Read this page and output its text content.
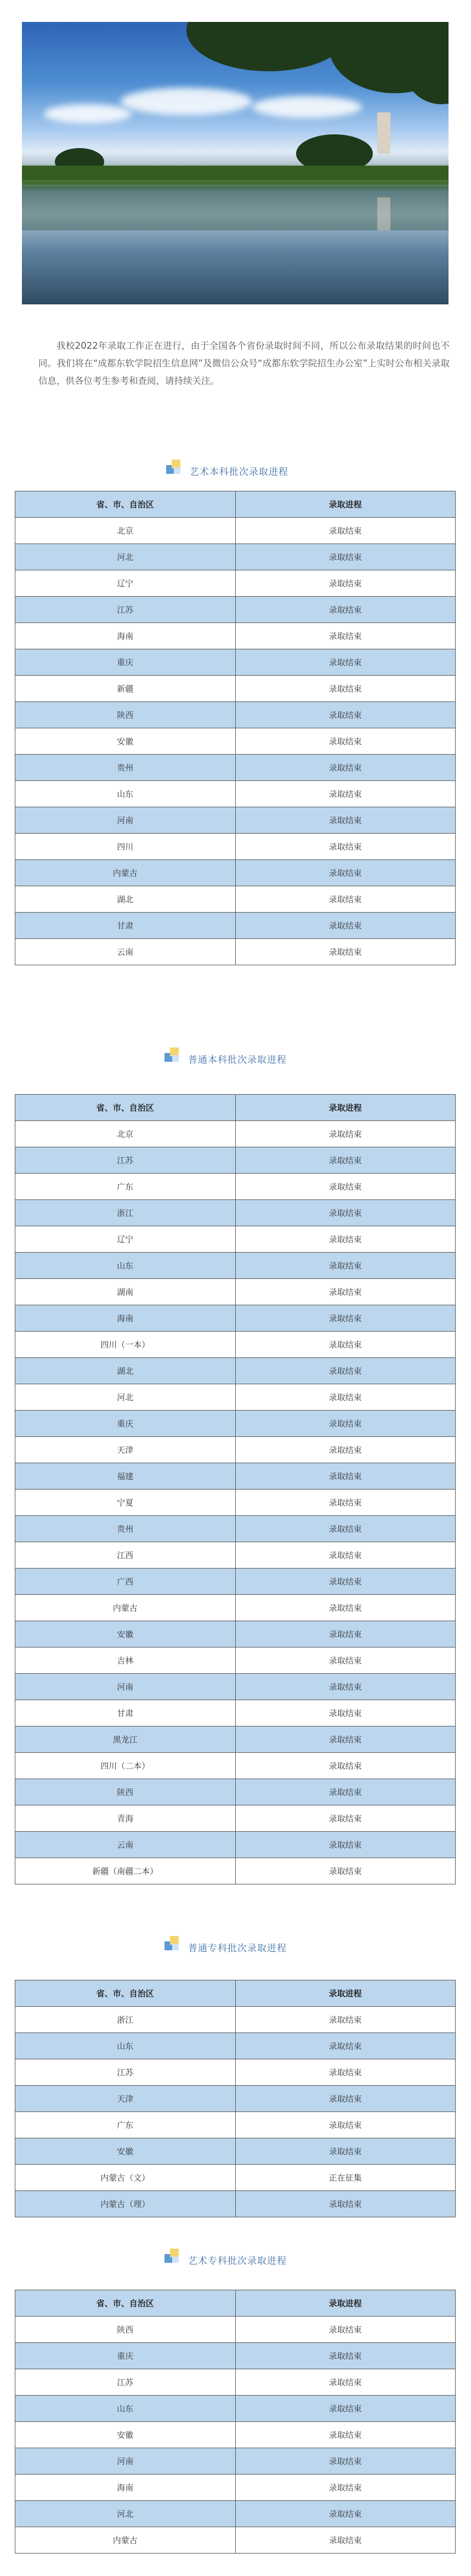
我校2022年录取工作正在进行，由于全国各个省份录取时间不同，所以公布录取结果的时间也不同。我们将在“成都东软学院招生信息网”及微信公众号“成都东软学院招生办公室”上实时公布相关录取信息，供各位考生参考和查阅，请持续关注。
艺术本科批次录取进程
省、市、自治区	录取进程
北京	录取结束
河北	录取结束
辽宁	录取结束
江苏	录取结束
海南	录取结束
重庆	录取结束
新疆	录取结束
陕西	录取结束
安徽	录取结束
贵州	录取结束
山东	录取结束
河南	录取结束
四川	录取结束
内蒙古	录取结束
湖北	录取结束
甘肃	录取结束
云南	录取结束
普通本科批次录取进程
省、市、自治区	录取进程
北京	录取结束
江苏	录取结束
广东	录取结束
浙江	录取结束
辽宁	录取结束
山东	录取结束
湖南	录取结束
海南	录取结束
四川（一本）	录取结束
湖北	录取结束
河北	录取结束
重庆	录取结束
天津	录取结束
福建	录取结束
宁夏	录取结束
贵州	录取结束
江西	录取结束
广西	录取结束
内蒙古	录取结束
安徽	录取结束
吉林	录取结束
河南	录取结束
甘肃	录取结束
黑龙江	录取结束
四川（二本）	录取结束
陕西	录取结束
青海	录取结束
云南	录取结束
新疆（南疆二本）	录取结束
普通专科批次录取进程
省、市、自治区	录取进程
浙江	录取结束
山东	录取结束
江苏	录取结束
天津	录取结束
广东	录取结束
安徽	录取结束
内蒙古（文）	正在征集
内蒙古（理）	录取结束
艺术专科批次录取进程
省、市、自治区	录取进程
陕西	录取结束
重庆	录取结束
江苏	录取结束
山东	录取结束
安徽	录取结束
河南	录取结束
海南	录取结束
河北	录取结束
内蒙古	录取结束
